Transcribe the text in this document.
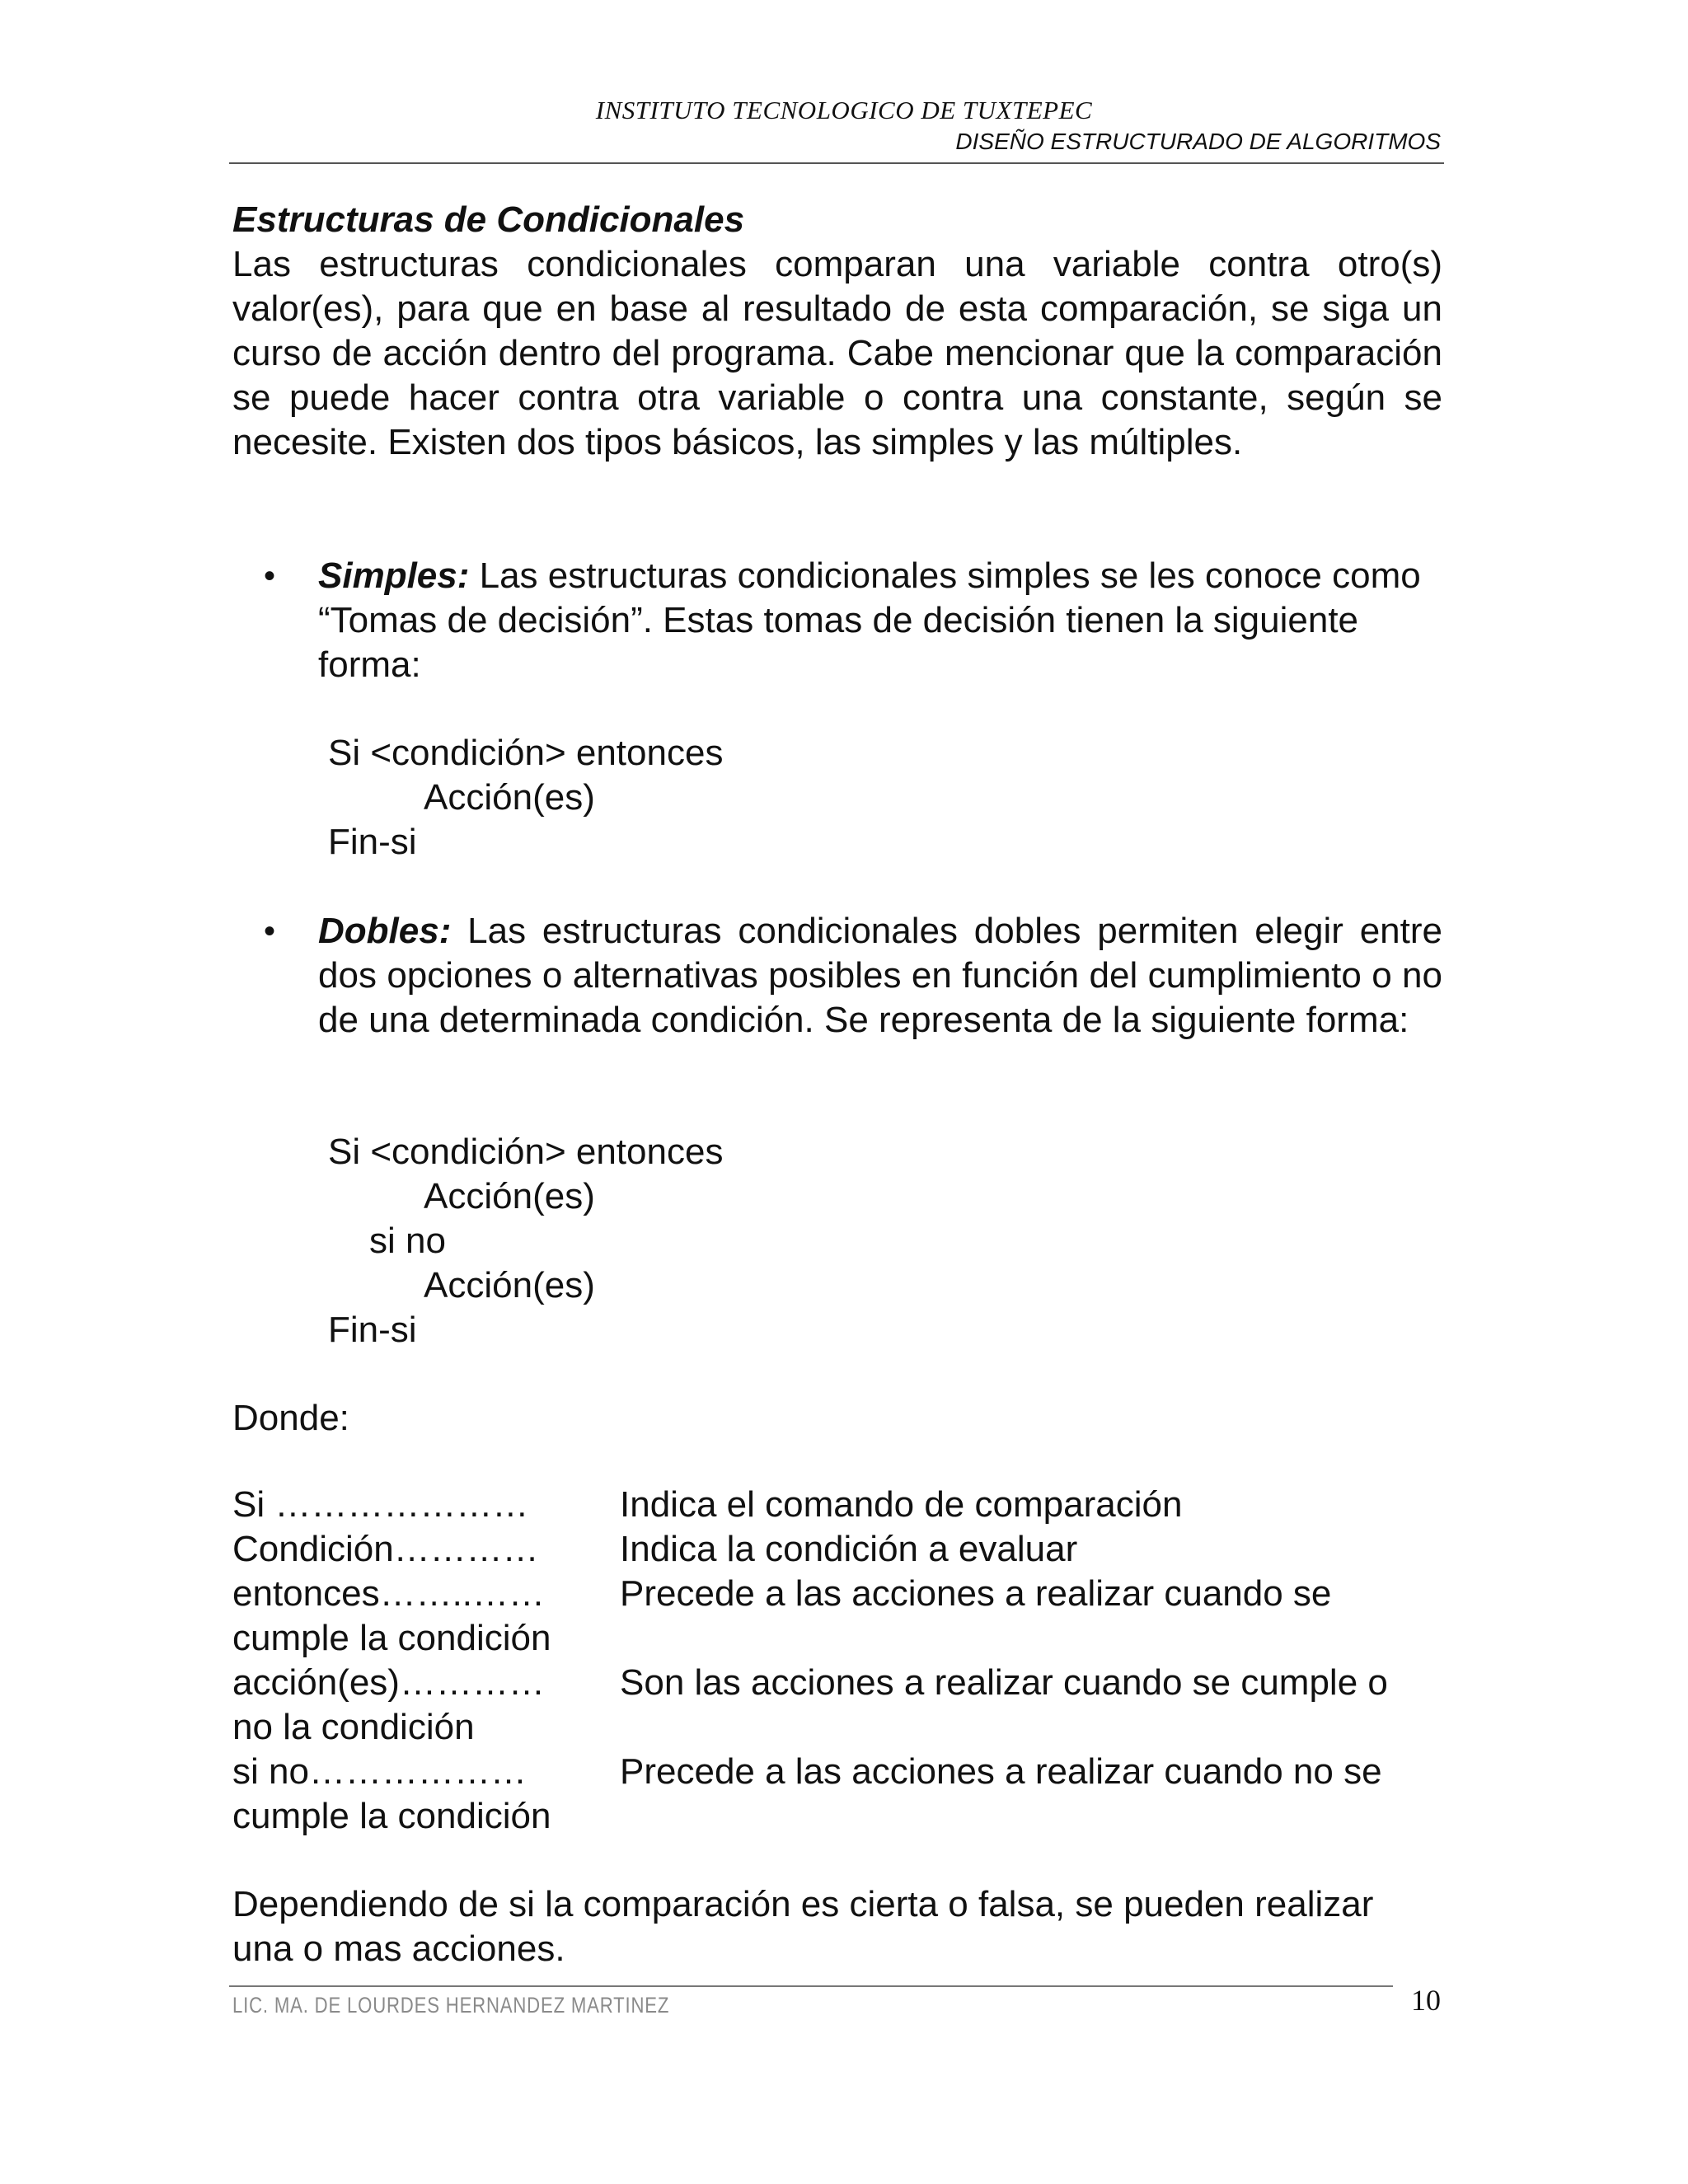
INSTITUTO TECNOLOGICO DE TUXTEPEC
DISEÑO ESTRUCTURADO DE ALGORITMOS
Estructuras de Condicionales
Las estructuras condicionales comparan una variable contra otro(s) valor(es), para que en base al resultado de esta comparación, se siga un curso de acción dentro del programa. Cabe mencionar que la comparación se puede hacer contra otra variable o contra una constante, según se necesite. Existen dos tipos básicos, las simples y las múltiples.
• Simples: Las estructuras condicionales simples se les conoce como “Tomas de decisión”. Estas tomas de decisión tienen la siguiente forma:
Si <condición> entonces
Acción(es)
Fin-si
• Dobles: Las estructuras condicionales dobles permiten elegir entre dos opciones o alternativas posibles en función del cumplimiento o no de una determinada condición. Se representa de la siguiente forma:
Si <condición> entonces
Acción(es)
si no
Acción(es)
Fin-si
Donde:
Si …………………	Indica el comando de comparación
Condición………… Indica la condición a evaluar
entonces……..…… Precede a las acciones a realizar cuando se
cumple la condición
acción(es)………… Son las acciones a realizar cuando se cumple o
no la condición
si no………………	Precede a las acciones a realizar cuando no se
cumple la condición
Dependiendo de si la comparación es cierta o falsa, se pueden realizar una o mas acciones.
LIC. MA. DE LOURDES HERNANDEZ MARTINEZ	10
